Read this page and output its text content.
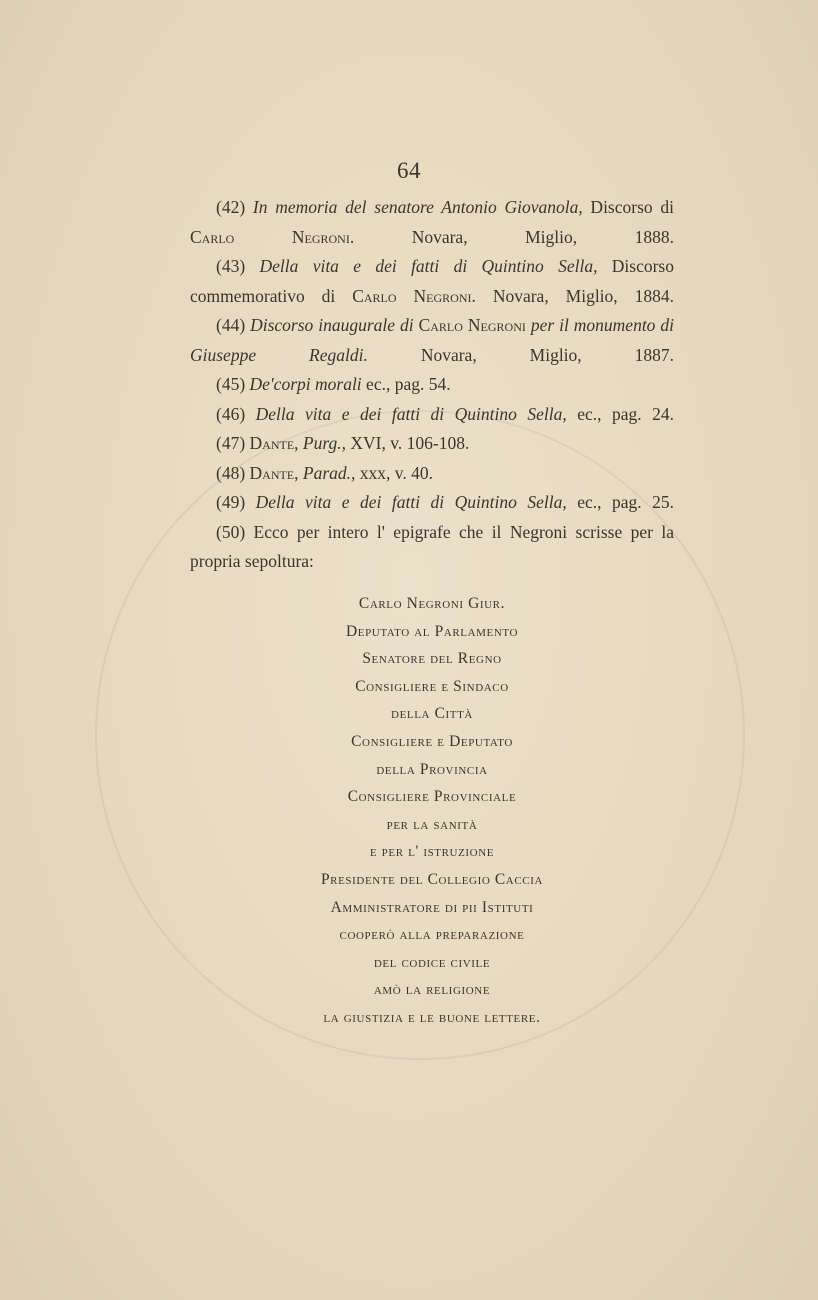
64

(42) In memoria del senatore Antonio Giovanola, Discorso di Carlo Negroni. Novara, Miglio, 1888.

(43) Della vita e dei fatti di Quintino Sella, Discorso commemorativo di Carlo Negroni. Novara, Miglio, 1884.

(44) Discorso inaugurale di Carlo Negroni per il monumento di Giuseppe Regaldi. Novara, Miglio, 1887.

(45) De'corpi morali ec., pag. 54.

(46) Della vita e dei fatti di Quintino Sella, ec., pag. 24.

(47) Dante, Purg., XVI, v. 106-108.

(48) Dante, Parad., xxx, v. 40.

(49) Della vita e dei fatti di Quintino Sella, ec., pag. 25.

(50) Ecco per intero l' epigrafe che il Negroni scrisse per la propria sepoltura:

Carlo Negroni Giur.
Deputato al Parlamento
Senatore del Regno
Consigliere e Sindaco
della Città
Consigliere e Deputato
della Provincia
Consigliere Provinciale
per la sanità
e per l' istruzione
Presidente del Collegio Caccia
Amministratore di pii Istituti
cooperò alla preparazione
del codice civile
amò la religione
la giustizia e le buone lettere.
